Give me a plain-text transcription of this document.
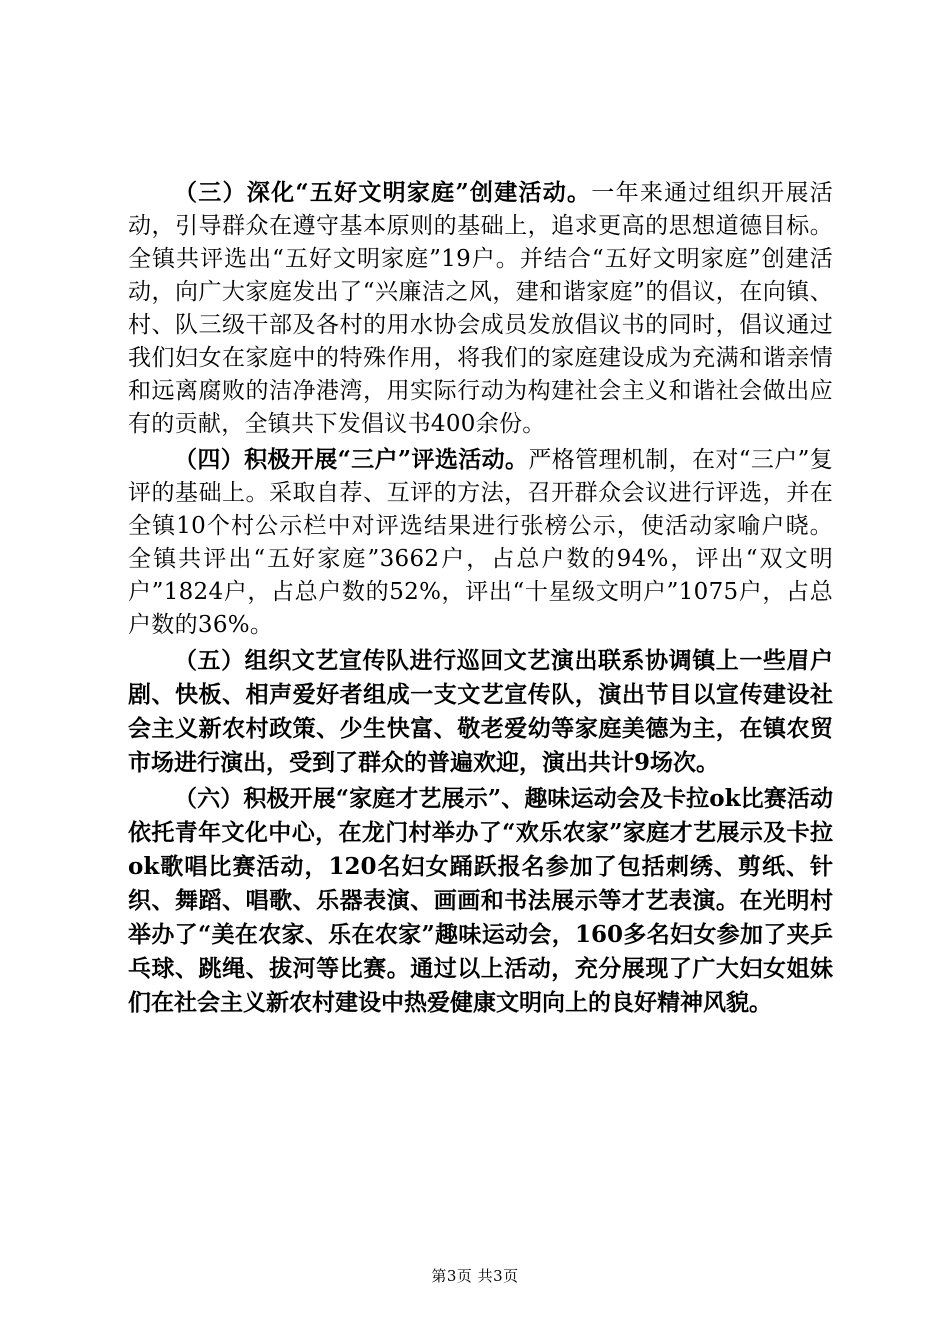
（三）深化“五好文明家庭”创建活动。一年来通过组织开展活动，引导群众在遵守基本原则的基础上，追求更高的思想道德目标。全镇共评选出“五好文明家庭”19户。并结合“五好文明家庭”创建活动，向广大家庭发出了“兴廉洁之风，建和谐家庭”的倡议，在向镇、村、队三级干部及各村的用水协会成员发放倡议书的同时，倡议通过我们妇女在家庭中的特殊作用，将我们的家庭建设成为充满和谐亲情和远离腐败的洁净港湾，用实际行动为构建社会主义和谐社会做出应有的贡献，全镇共下发倡议书400余份。

（四）积极开展“三户”评选活动。严格管理机制，在对“三户”复评的基础上。采取自荐、互评的方法，召开群众会议进行评选，并在全镇10个村公示栏中对评选结果进行张榜公示，使活动家喻户晓。全镇共评出“五好家庭”3662户，占总户数的94%，评出“双文明户”1824户，占总户数的52%，评出“十星级文明户”1075户，占总户数的36%。

（五）组织文艺宣传队进行巡回文艺演出联系协调镇上一些眉户剧、快板、相声爱好者组成一支文艺宣传队，演出节目以宣传建设社会主义新农村政策、少生快富、敬老爱幼等家庭美德为主，在镇农贸市场进行演出，受到了群众的普遍欢迎，演出共计9场次。

（六）积极开展“家庭才艺展示”、趣味运动会及卡拉ok比赛活动依托青年文化中心，在龙门村举办了“欢乐农家”家庭才艺展示及卡拉ok歌唱比赛活动，120名妇女踊跃报名参加了包括刺绣、剪纸、针织、舞蹈、唱歌、乐器表演、画画和书法展示等才艺表演。在光明村举办了“美在农家、乐在农家”趣味运动会，160多名妇女参加了夹乒乓球、跳绳、拔河等比赛。通过以上活动，充分展现了广大妇女姐妹们在社会主义新农村建设中热爱健康文明向上的良好精神风貌。

第3页 共3页
